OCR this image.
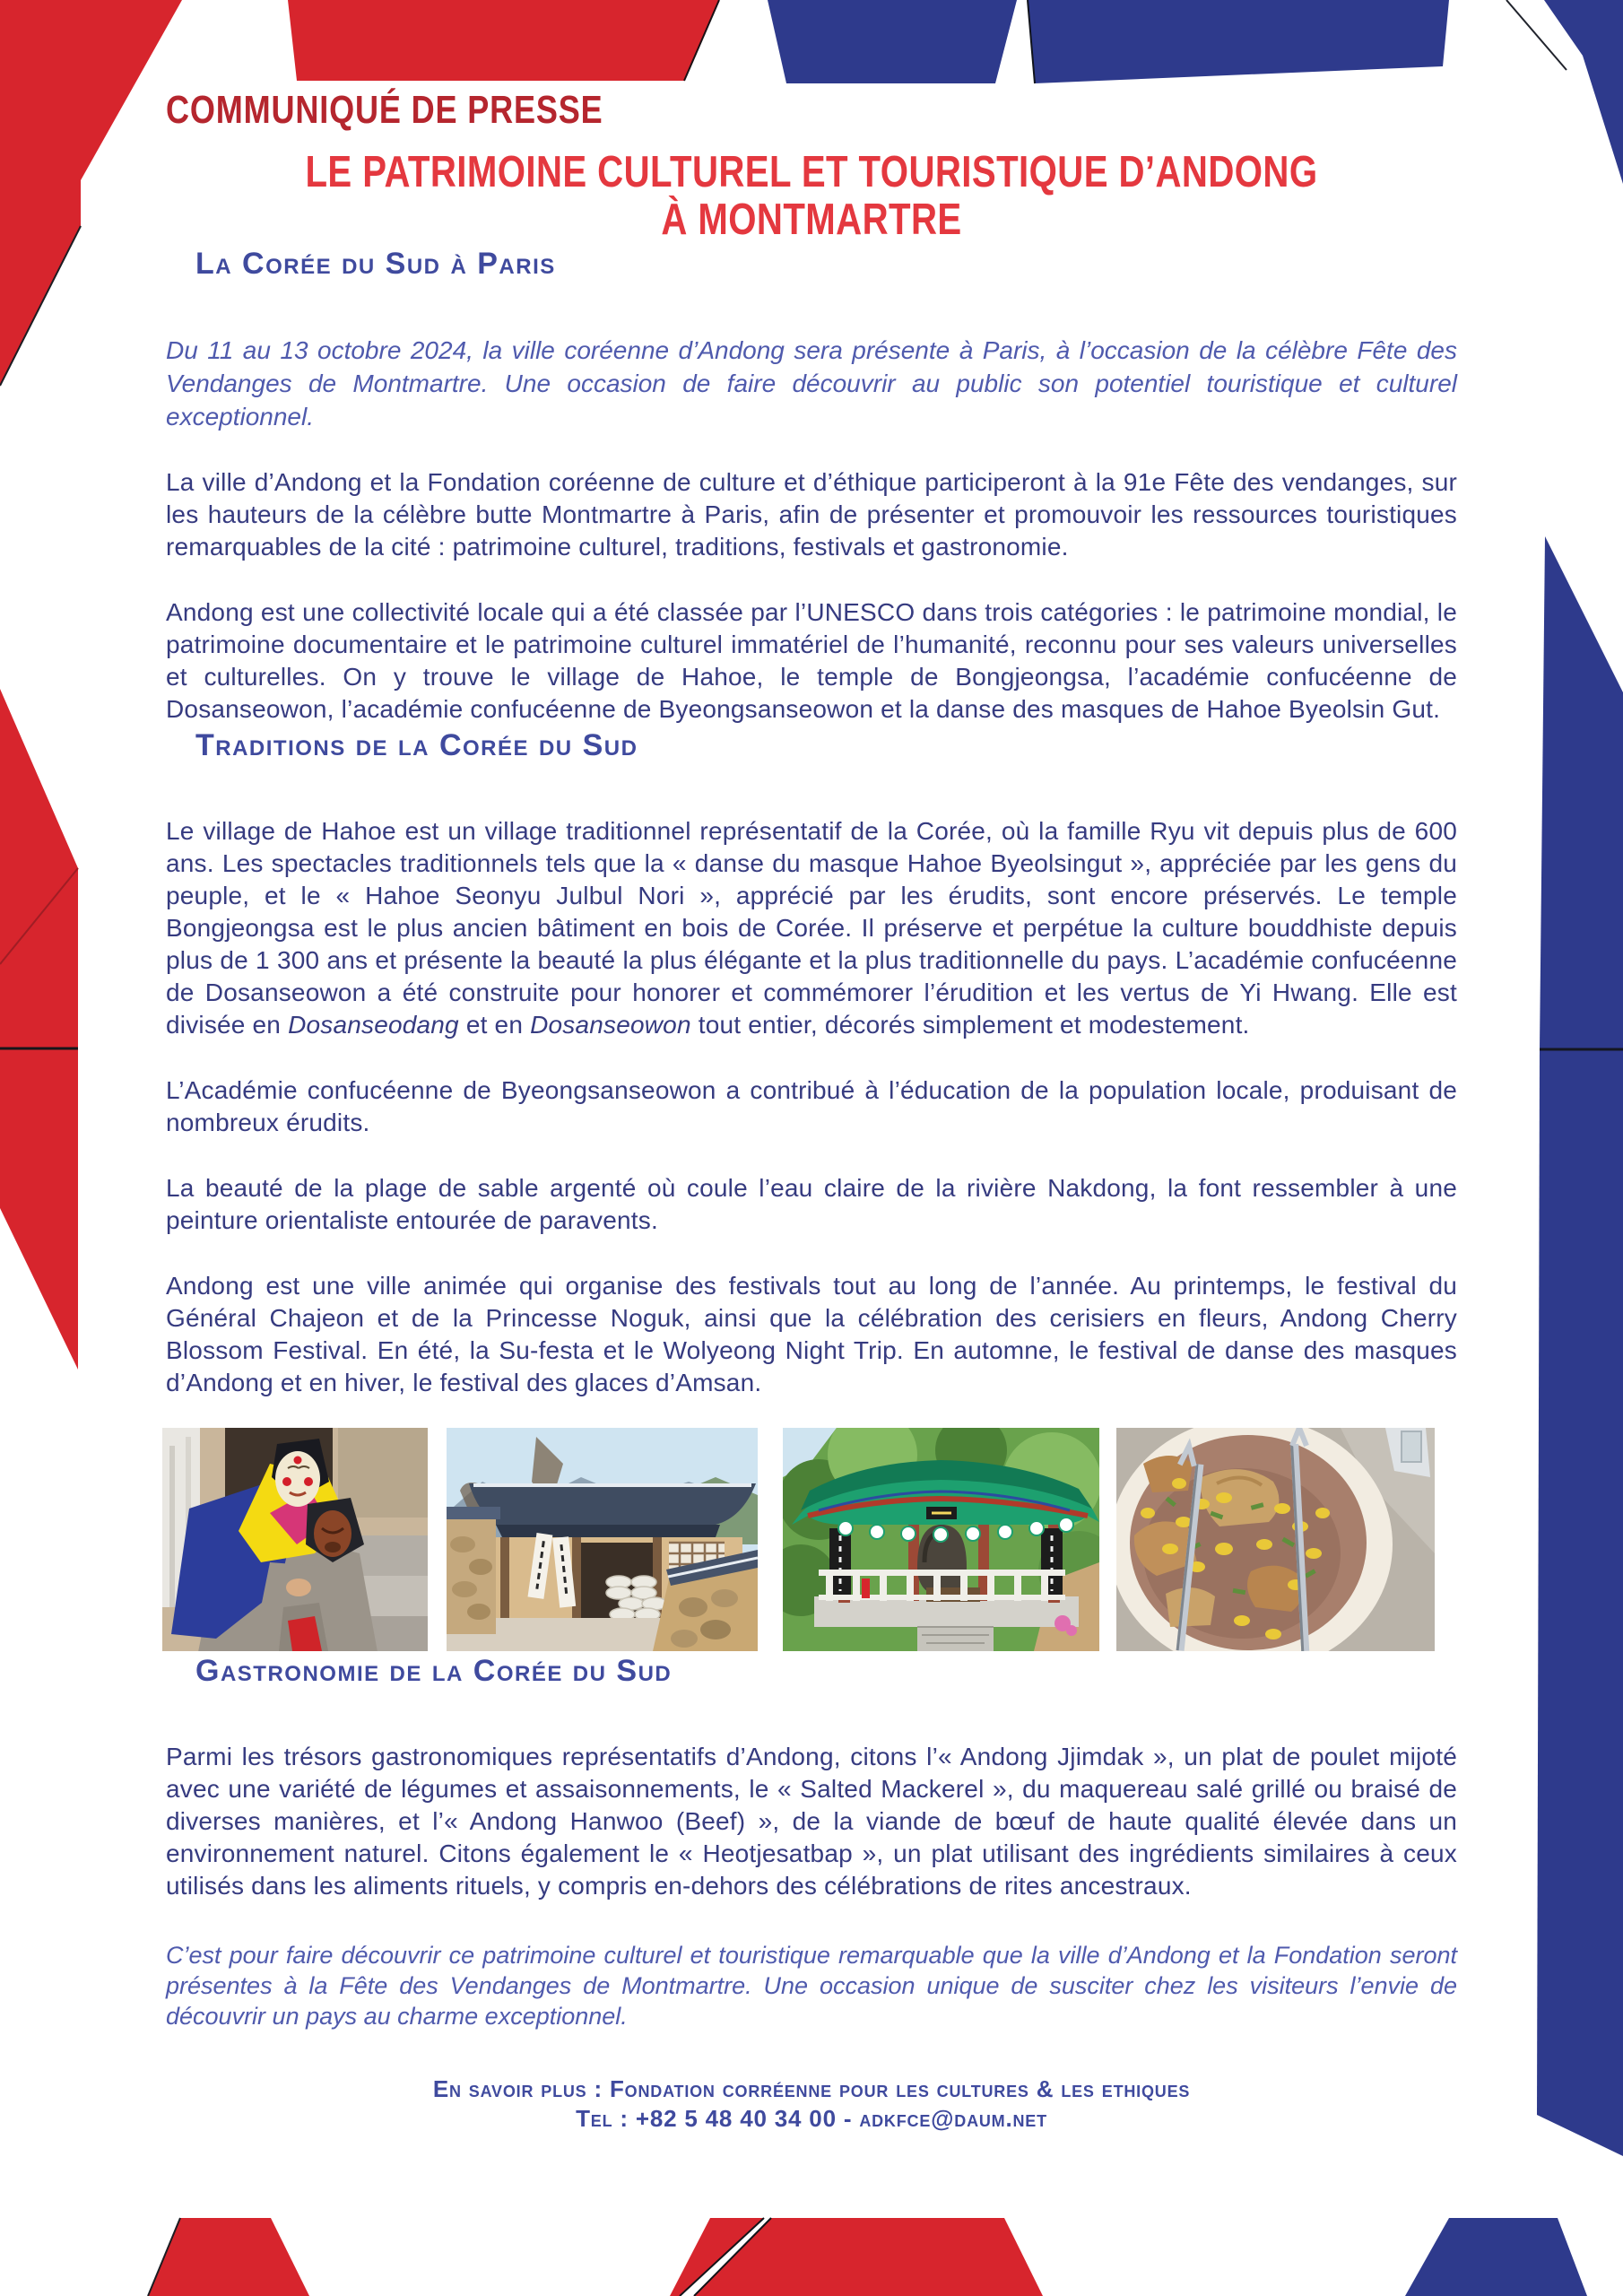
COMMUNIQUÉ DE PRESSE
LE PATRIMOINE CULTUREL ET TOURISTIQUE D’ANDONG
À MONTMARTRE
La Corée du Sud à Paris

Du 11 au 13 octobre 2024, la ville coréenne d’Andong sera présente à Paris, à l’occasion de la célèbre Fête des Vendanges de Montmartre. Une occasion de faire découvrir au public son potentiel touristique et culturel exceptionnel.

La ville d’Andong et la Fondation coréenne de culture et d’éthique participeront à la 91e Fête des vendanges, sur les hauteurs de la célèbre butte Montmartre à Paris, afin de présenter et promouvoir les ressources touristiques remarquables de la cité : patrimoine culturel, traditions, festivals et gastronomie.

Andong est une collectivité locale qui a été classée par l’UNESCO dans trois catégories : le patrimoine mondial, le patrimoine documentaire et le patrimoine culturel immatériel de l’humanité, reconnu pour ses valeurs universelles et culturelles. On y trouve le village de Hahoe, le temple de Bongjeongsa, l’académie confucéenne de Dosanseowon, l’académie confucéenne de Byeongsanseowon et la danse des masques de Hahoe Byeolsin Gut.

Traditions de la Corée du Sud

Le village de Hahoe est un village traditionnel représentatif de la Corée, où la famille Ryu vit depuis plus de 600 ans. Les spectacles traditionnels tels que la « danse du masque Hahoe Byeolsingut », appréciée par les gens du peuple, et le « Hahoe Seonyu Julbul Nori », apprécié par les érudits, sont encore préservés. Le temple Bongjeongsa est le plus ancien bâtiment en bois de Corée. Il préserve et perpétue la culture bouddhiste depuis plus de 1 300 ans et présente la beauté la plus élégante et la plus traditionnelle du pays. L’académie confucéenne de Dosanseowon a été construite pour honorer et commémorer l’érudition et les vertus de Yi Hwang. Elle est divisée en Dosanseodang et en Dosanseowon tout entier, décorés simplement et modestement.

L’Académie confucéenne de Byeongsanseowon a contribué à l’éducation de la population locale, produisant de nombreux érudits.

La beauté de la plage de sable argenté où coule l’eau claire de la rivière Nakdong, la font ressembler à une peinture orientaliste entourée de paravents.

Andong est une ville animée qui organise des festivals tout au long de l’année. Au printemps, le festival du Général Chajeon et de la Princesse Noguk, ainsi que la célébration des cerisiers en fleurs, Andong Cherry Blossom Festival. En été, la Su-festa et le Wolyeong Night Trip. En automne, le festival de danse des masques d’Andong et en hiver, le festival des glaces d’Amsan.

Gastronomie de la Corée du Sud

Parmi les trésors gastronomiques représentatifs d’Andong, citons l’« Andong Jjimdak », un plat de poulet mijoté avec une variété de légumes et assaisonnements, le « Salted Mackerel », du maquereau salé grillé ou braisé de diverses manières, et l’« Andong Hanwoo (Beef) », de la viande de bœuf de haute qualité élevée dans un environnement naturel. Citons également le « Heotjesatbap », un plat utilisant des ingrédients similaires à ceux utilisés dans les aliments rituels, y compris en-dehors des célébrations de rites ancestraux.

C’est pour faire découvrir ce patrimoine culturel et touristique remarquable que la ville d’Andong et la Fondation seront présentes à la Fête des Vendanges de Montmartre. Une occasion unique de susciter chez les visiteurs l’envie de découvrir un pays au charme exceptionnel.

En savoir plus : Fondation corréenne pour les cultures & les ethiques
Tel : +82 5 48 40 34 00 - adkfce@daum.net
